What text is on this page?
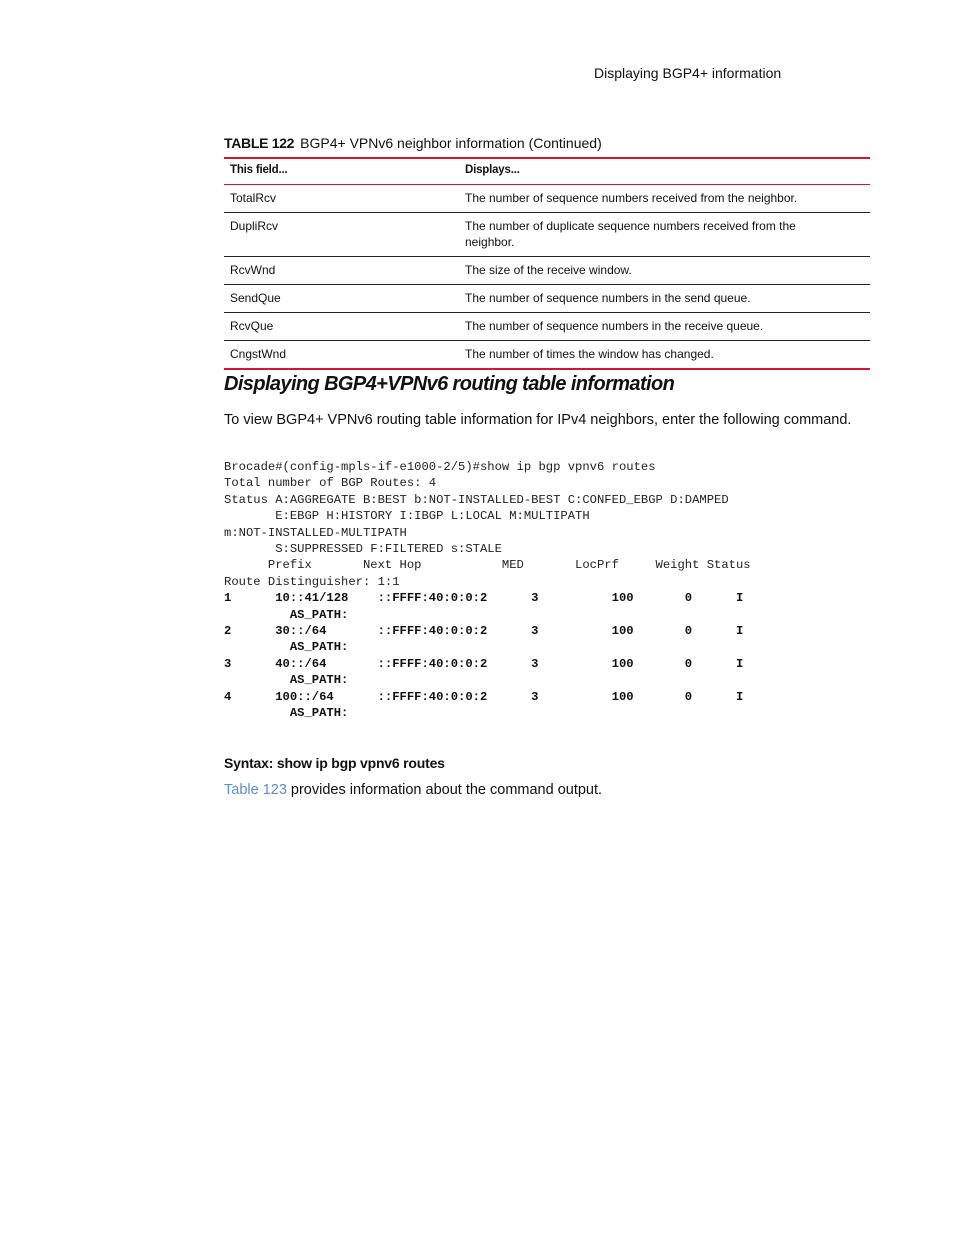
Displaying BGP4+ information
TABLE 122 BGP4+ VPNv6 neighbor information (Continued)
This field...	Displays...
TotalRcv	The number of sequence numbers received from the neighbor.
DupliRcv	The number of duplicate sequence numbers received from the neighbor.
RcvWnd	The size of the receive window.
SendQue	The number of sequence numbers in the send queue.
RcvQue	The number of sequence numbers in the receive queue.
CngstWnd	The number of times the window has changed.
Displaying BGP4+VPNv6 routing table information

To view BGP4+ VPNv6 routing table information for IPv4 neighbors, enter the following command.

Brocade#(config-mpls-if-e1000-2/5)#show ip bgp vpnv6 routes
Total number of BGP Routes: 4
Status A:AGGREGATE B:BEST b:NOT-INSTALLED-BEST C:CONFED_EBGP D:DAMPED
E:EBGP H:HISTORY I:IBGP L:LOCAL M:MULTIPATH
m:NOT-INSTALLED-MULTIPATH
S:SUPPRESSED F:FILTERED s:STALE
Prefix       Next Hop           MED       LocPrf     Weight Status
Route Distinguisher: 1:1
1      10::41/128    ::FFFF:40:0:0:2      3          100       0      I
AS_PATH:
2      30::/64       ::FFFF:40:0:0:2      3          100       0      I
AS_PATH:
3      40::/64       ::FFFF:40:0:0:2      3          100       0      I
AS_PATH:
4      100::/64      ::FFFF:40:0:0:2      3          100       0      I
AS_PATH:

Syntax: show ip bgp vpnv6 routes

Table 123 provides information about the command output.
